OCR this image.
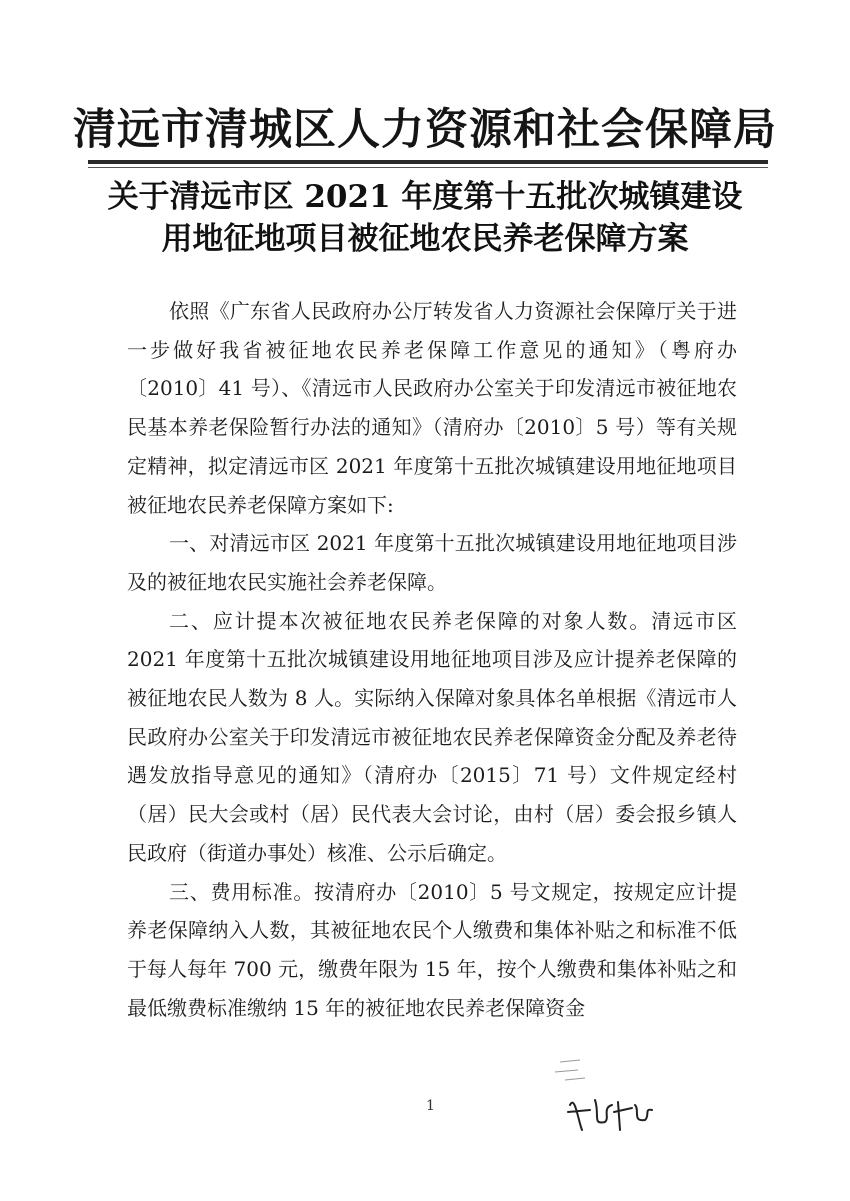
清远市清城区人力资源和社会保障局
关于清远市区 2021 年度第十五批次城镇建设
用地征地项目被征地农民养老保障方案

依照《广东省人民政府办公厅转发省人力资源社会保障厅关于进一步做好我省被征地农民养老保障工作意见的通知》（粤府办〔2010〕41 号）、《清远市人民政府办公室关于印发清远市被征地农民基本养老保险暂行办法的通知》（清府办〔2010〕5 号）等有关规定精神，拟定清远市区 2021 年度第十五批次城镇建设用地征地项目被征地农民养老保障方案如下:

一、对清远市区 2021 年度第十五批次城镇建设用地征地项目涉及的被征地农民实施社会养老保障。

二、应计提本次被征地农民养老保障的对象人数。清远市区 2021 年度第十五批次城镇建设用地征地项目涉及应计提养老保障的被征地农民人数为 8 人。实际纳入保障对象具体名单根据《清远市人民政府办公室关于印发清远市被征地农民养老保障资金分配及养老待遇发放指导意见的通知》（清府办〔2015〕71 号）文件规定经村（居）民大会或村（居）民代表大会讨论，由村（居）委会报乡镇人民政府（街道办事处）核准、公示后确定。

三、费用标准。按清府办〔2010〕5 号文规定，按规定应计提养老保障纳入人数，其被征地农民个人缴费和集体补贴之和标准不低于每人每年 700 元，缴费年限为 15 年，按个人缴费和集体补贴之和最低缴费标准缴纳 15 年的被征地农民养老保障资金

1
